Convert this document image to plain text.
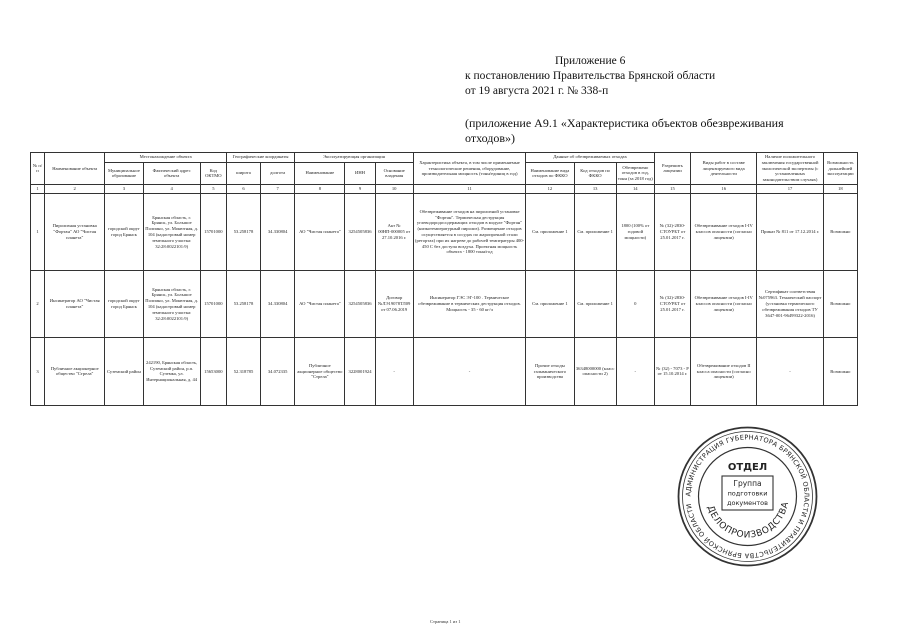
Приложение 6
к постановлению Правительства Брянской области
от 19 августа 2021 г. № 338-п
(приложение А9.1 «Характеристика объектов обезвреживания отходов»)
№ п/п	Наименование объекта	Местонахождение объекта			Географические координаты		Эксплуатирующая организация			Характеристика объекта, в том числе применяемые технологические решения, оборудование, производительная мощность (тонн/единиц в год)	Данные об обезвреживаемых отходах			Разрешить лицензии	Виды работ в составе лицензируемого вида деятельности	Наличие положительного заключения государственной экологической экспертизы (с установленных законодательством случаях)	Возможность дальнейшей эксплуатации
		Муниципальное образование	Фактический адрес объекта	Код ОКТМО	широта	долгота	Наименование	ИНН	Основание владения		Наименование вида отходов по ФККО	Код отходов по ФККО	Обезврежено отходов в год, тонн (за 2018 год)				
1	2	3	4	5	6	7	8	9	10	11	12	13	14	15	16	17	18
1	Пиролизная установка "Фортан" АО "Чистая планета"	городской округ город Брянск	Брянская область, г. Брянск, ул. Большое Полпино, ул. Мокютная, д. 104 (кадастровый номер земельного участка: 32:28:0022101:9)	15701000	53.258178	34.330804	АО "Чистая планета"	3254505836	Акт № 00НП-000005 от 27.10.2016 г.	Обезвреживание отходов на пиролизной установке "Фортан". Термическая деструкция углеводородосодержащих отходов в модуле "Фортан" (низкотемпературный пиролиз). Размещение отходов осуществляется в сосудах по жаропрочной стали (ретортах) при их нагреве до рабочей температуры 400-450 С без доступа воздуха. Проектная мощность объекта - 1800 тонн/год	См. приложение 1	См. приложение 1	1800 (100% от годовой мощности)	№ (32)-2830-СТОУРБТ от 25.01.2017 г.	Обезвреживание отходов I-IV классов опасности (согласно лицензии)	Приказ № 811 от 17.12.2014 г.	Возможно
2	Инсинератор АО "Чистая планета"	городской округ город Брянск	Брянская область, г. Брянск, ул. Большое Полпино, ул. Мокютная, д. 104 (кадастровый номер земельного участка: 32:28:0022101:9)	15701000	53.258178	34.330804	АО "Чистая планета"	3254505836	Договор №ЛЭ19078ТЛ09 от 07.06.2019	Инсинератор ГЭС ЭГ-100 . Термическое обезвреживание в термических деструкция отходов. Мощность - 35 - 60 кг/ч	См. приложение 1	См. приложение 1	0	№ (32)-2830-СТОУРБТ от 25.01.2017 г.	Обезвреживание отходов I-IV классов опасности (согласно лицензии)	Сертификат соответствия №075963. Технический паспорт (установка термического обезвреживания отходов ТУ 3647-001-96499322-2016)	Возможно
3	Публичное акционерное общество "Стрела"	Суземский район	242190, Брянская область, Суземский район, р.п. Суземка, ул. Интернациональная, д. 44	15653000	52.318785	34.072335	Публичное акционерное общество "Стрела"	3228001924	-	-	Прочие отходы гальванического производства	36348000000 (класс опасности 2)	-	№ (32) - 7073 - Р от 15.10.2014 г.	Обезвреживание отходов II класса опасности (согласно лицензии)	-	Возможно
АДМИНИСТРАЦИЯ ГУБЕРНАТОРА БРЯНСКОЙ ОБЛАСТИ И ПРАВИТЕЛЬСТВА БРЯНСКОЙ ОБЛАСТИ	ДЕЛОПРОИЗВОДСТВА
ОТДЕЛ
Группа
подготовки
документов
Страница 1 из 1
